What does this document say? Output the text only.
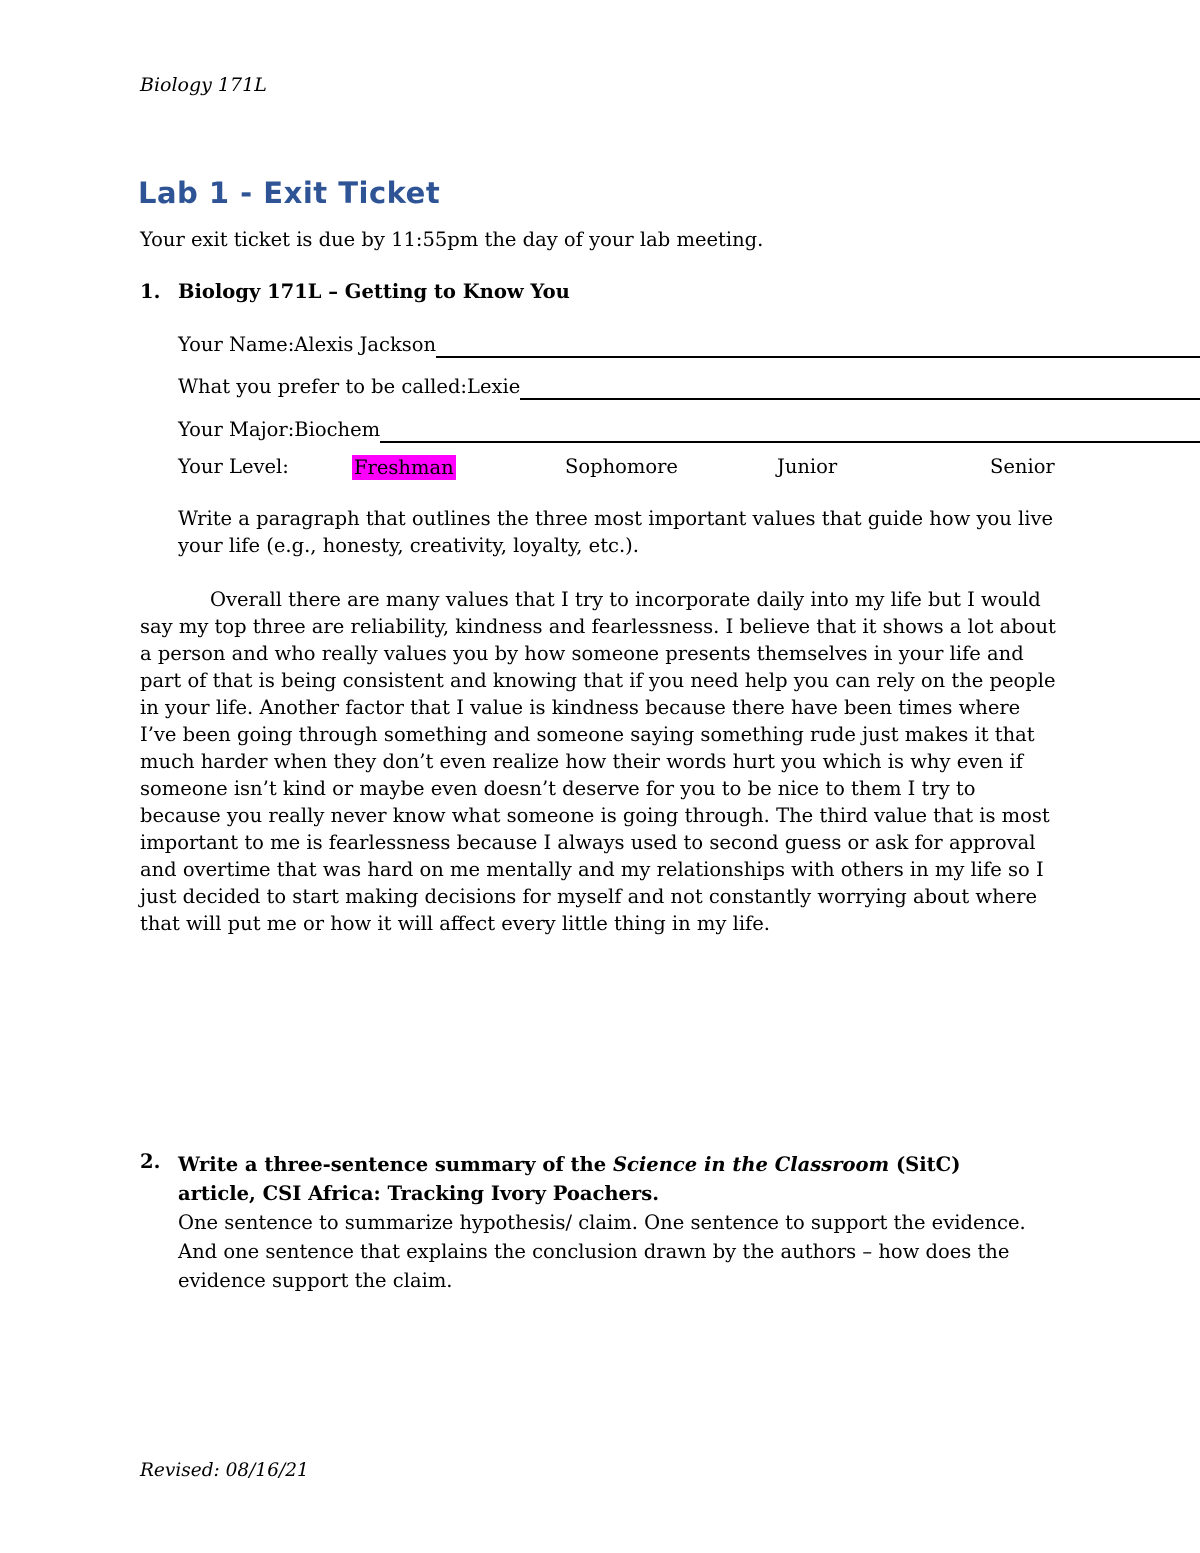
Biology 171L
Lab 1 - Exit Ticket
Your exit ticket is due by 11:55pm the day of your lab meeting.
1. Biology 171L – Getting to Know You
Your Name: Alexis Jackson
What you prefer to be called: Lexie
Your Major: Biochem
Your Level:	Freshman	Sophomore	Junior	Senior
Write a paragraph that outlines the three most important values that guide how you live your life (e.g., honesty, creativity, loyalty, etc.).
Overall there are many values that I try to incorporate daily into my life but I would say my top three are reliability, kindness and fearlessness. I believe that it shows a lot about a person and who really values you by how someone presents themselves in your life and part of that is being consistent and knowing that if you need help you can rely on the people in your life. Another factor that I value is kindness because there have been times where I’ve been going through something and someone saying something rude just makes it that much harder when they don’t even realize how their words hurt you which is why even if someone isn’t kind or maybe even doesn’t deserve for you to be nice to them I try to because you really never know what someone is going through. The third value that is most important to me is fearlessness because I always used to second guess or ask for approval and overtime that was hard on me mentally and my relationships with others in my life so I just decided to start making decisions for myself and not constantly worrying about where that will put me or how it will affect every little thing in my life.
2. Write a three-sentence summary of the Science in the Classroom (SitC) article, CSI Africa: Tracking Ivory Poachers.
One sentence to summarize hypothesis/ claim. One sentence to support the evidence. And one sentence that explains the conclusion drawn by the authors – how does the evidence support the claim.
Revised: 08/16/21
